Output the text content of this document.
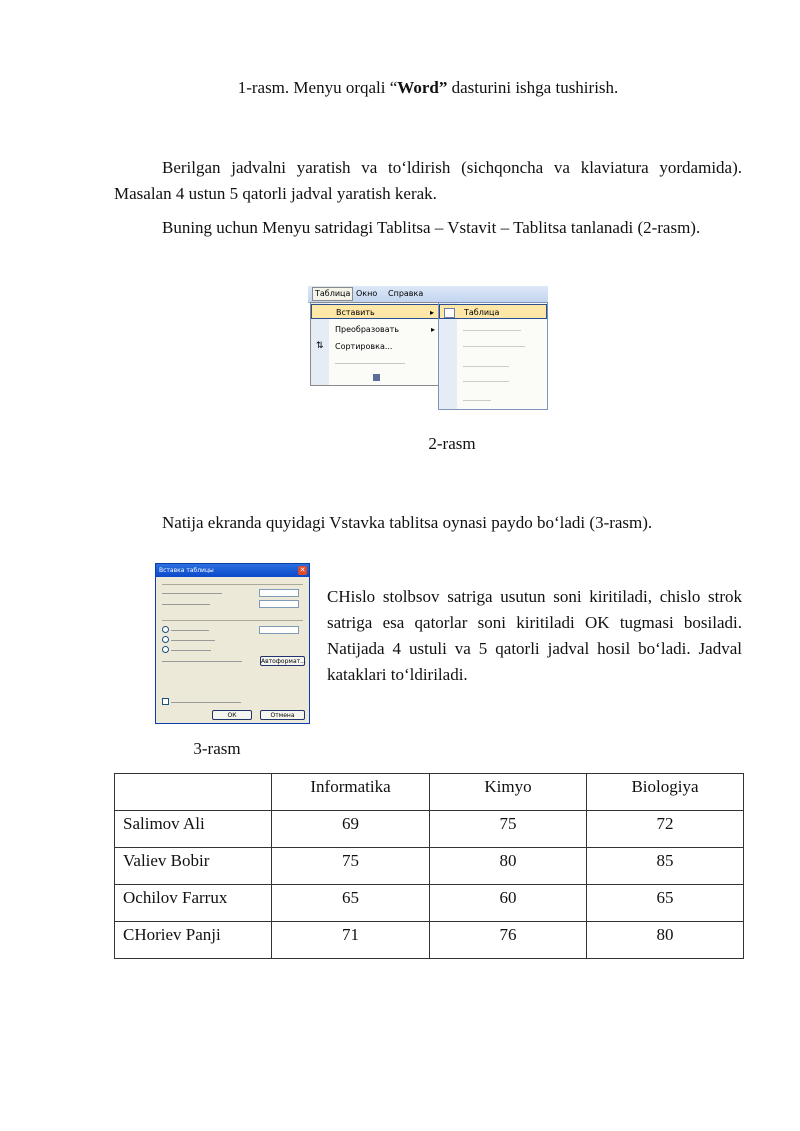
1-rasm. Menyu orqali “Word” dasturini ishga tushirish.
Berilgan jadvalni yaratish va to‘ldirish (sichqoncha va klaviatura yordamida). Masalan 4 ustun 5 qatorli jadval yaratish kerak.
Buning uchun Menyu satridagi Tablitsa – Vstavit – Tablitsa tanlanadi (2-rasm).
Таблица Окно Справка
Вставить	▸
Преобразовать	▸
⇅ Сортировка...
Таблица
2-rasm
Natija ekranda quyidagi Vstavka tablitsa oynasi paydo bo‘ladi (3-rasm).
Вставка таблицы	✕
Автоформат...
ОК	Отмена
CHislo stolbsov satriga usutun soni kiritiladi, chislo strok satriga esa qatorlar soni kiritiladi OK tugmasi bosiladi. Natijada 4 ustuli va 5 qatorli jadval hosil bo‘ladi. Jadval kataklari to‘ldiriladi.
3-rasm
	Informatika	Kimyo	Biologiya
Salimov Ali	69	75	72
Valiev Bobir	75	80	85
Ochilov Farrux	65	60	65
CHoriev Panji	71	76	80
